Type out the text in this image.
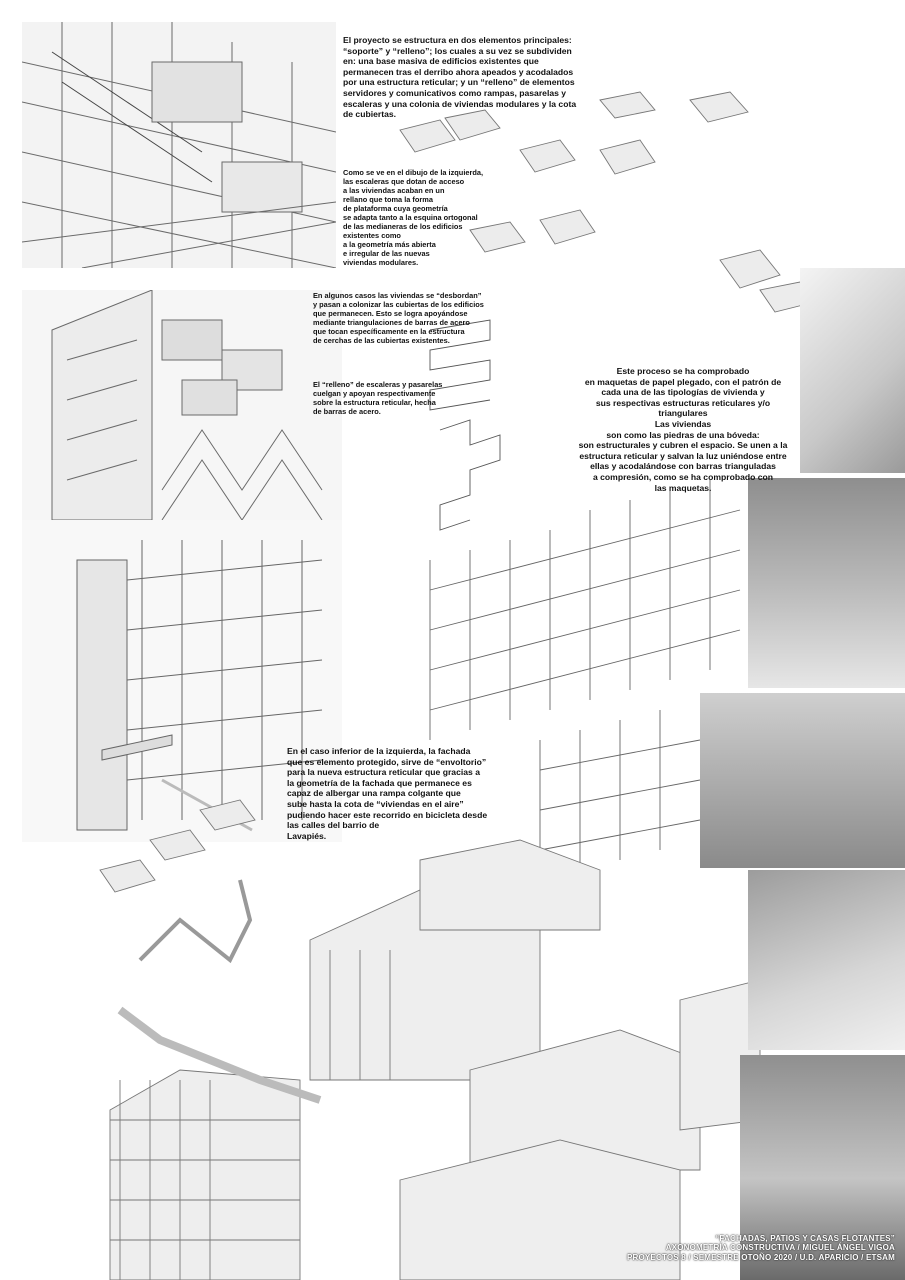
El proyecto se estructura en dos elementos principales:
“soporte” y “relleno”; los cuales a su vez se subdividen
en: una base masiva de edificios existentes que
permanecen tras el derribo ahora apeados y acodalados
por una estructura reticular; y un “relleno” de elementos
servidores y comunicativos como rampas, pasarelas y
escaleras y una colonia de viviendas modulares y la cota
de cubiertas.
Como se ve en el dibujo de la izquierda,
las escaleras que dotan de acceso
a las viviendas acaban en un
rellano que toma la forma
de plataforma cuya geometría
se adapta tanto a la esquina ortogonal
de las medianeras de los edificios
existentes como
a la geometría más abierta
e irregular de las nuevas
viviendas modulares.
En algunos casos las viviendas se “desbordan”
y pasan a colonizar las cubiertas de los edificios
que permanecen. Esto se logra apoyándose
mediante triangulaciones de barras de acero
que tocan específicamente en la estructura
de cerchas de las cubiertas existentes.
El “relleno” de escaleras y pasarelas
cuelgan y apoyan respectivamente
sobre la estructura reticular, hecha
de barras de acero.
Este proceso se ha comprobado
en maquetas de papel plegado, con el patrón de
cada una de las tipologías de vivienda y
sus respectivas estructuras reticulares y/o
triangulares
Las viviendas
son como las piedras de una bóveda:
son estructurales y cubren el espacio. Se unen a la
estructura reticular y salvan la luz uniéndose entre
ellas y acodalándose con barras trianguladas
a compresión, como se ha comprobado con
las maquetas.
En el caso inferior de la izquierda, la fachada
que es elemento protegido, sirve de “envoltorio”
para la nueva estructura reticular que gracias a
la geometría de la fachada que permanece es
capaz de albergar una rampa colgante que
sube hasta la cota de “viviendas en el aire”
pudiendo hacer este recorrido en bicicleta desde
las calles del barrio de
Lavapiés.
“FACHADAS, PATIOS Y CASAS FLOTANTES”
AXONOMETRÍA CONSTRUCTIVA / MIGUEL ÁNGEL VIGOA
PROYECTOS 8 / SEMESTRE OTOÑO 2020 / U.D. APARICIO / ETSAM
